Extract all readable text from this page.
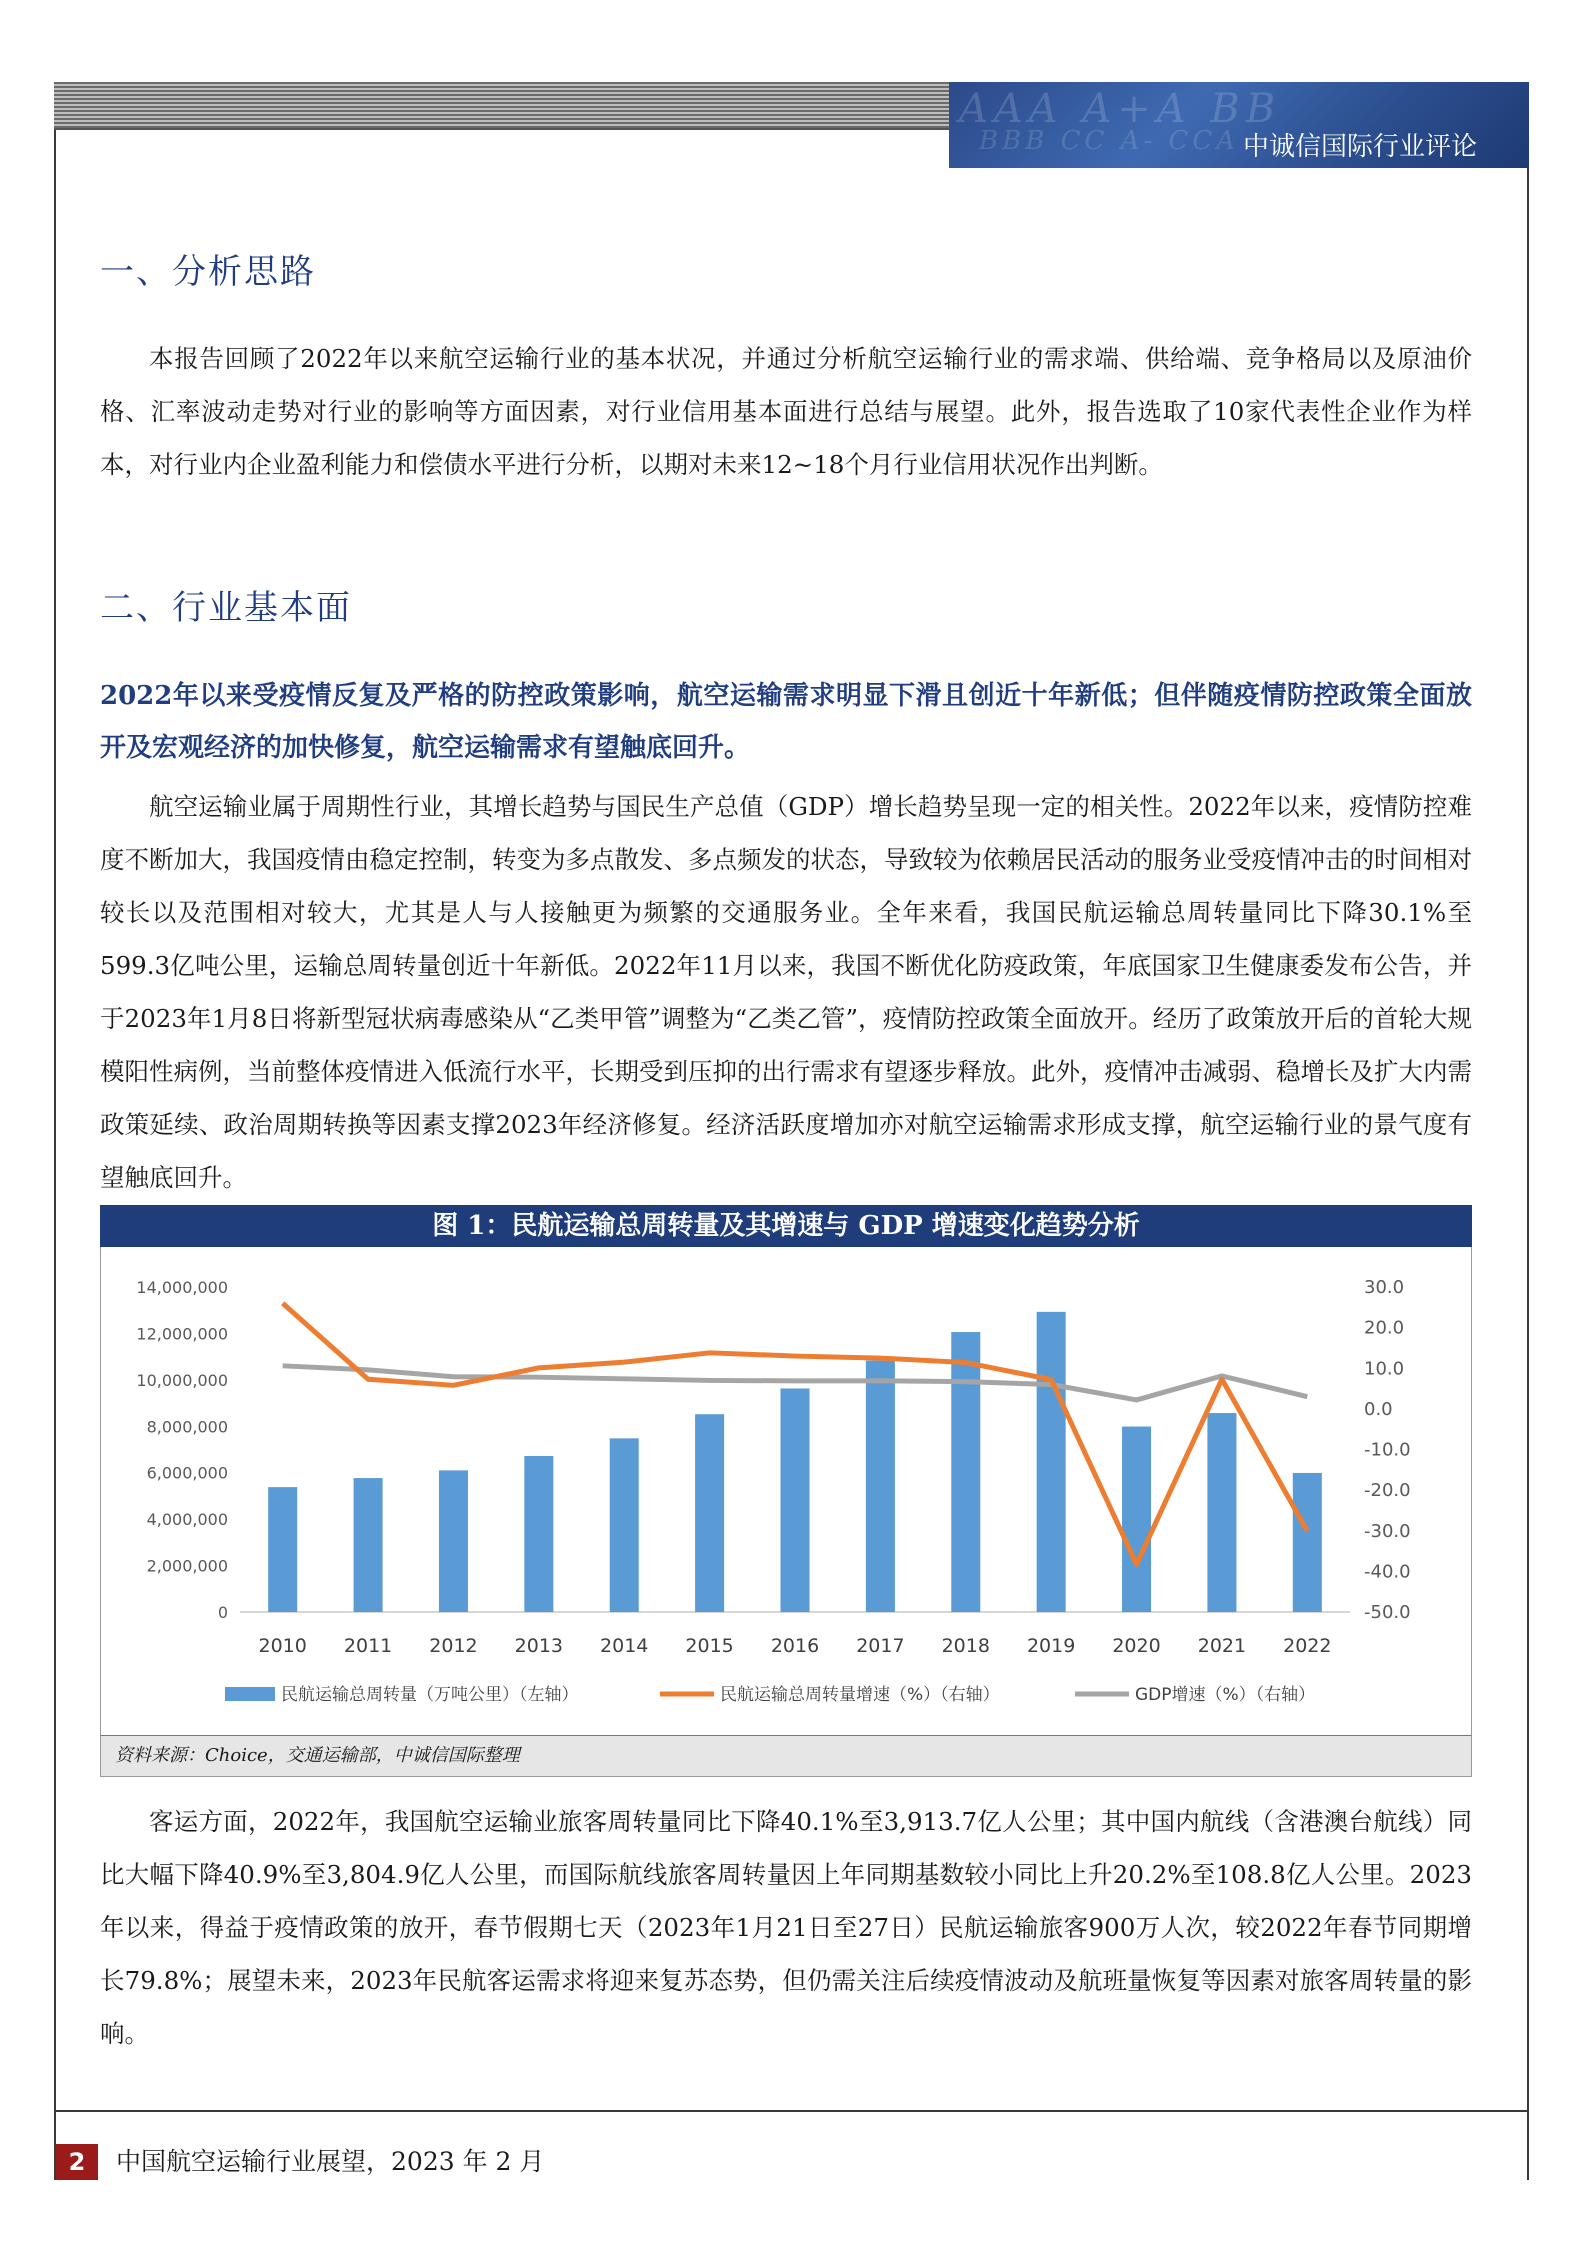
AAA A+A BB
BBB CC A- CCA 中诚信国际行业评论
一、分析思路

本报告回顾了2022年以来航空运输行业的基本状况，并通过分析航空运输行业的需求端、供给端、竞争格局以及原油价格、汇率波动走势对行业的影响等方面因素，对行业信用基本面进行总结与展望。此外，报告选取了10家代表性企业作为样本，对行业内企业盈利能力和偿债水平进行分析，以期对未来12~18个月行业信用状况作出判断。

二、行业基本面

2022年以来受疫情反复及严格的防控政策影响，航空运输需求明显下滑且创近十年新低；但伴随疫情防控政策全面放开及宏观经济的加快修复，航空运输需求有望触底回升。

航空运输业属于周期性行业，其增长趋势与国民生产总值（GDP）增长趋势呈现一定的相关性。2022年以来，疫情防控难度不断加大，我国疫情由稳定控制，转变为多点散发、多点频发的状态，导致较为依赖居民活动的服务业受疫情冲击的时间相对较长以及范围相对较大，尤其是人与人接触更为频繁的交通服务业。全年来看，我国民航运输总周转量同比下降30.1%至599.3亿吨公里，运输总周转量创近十年新低。2022年11月以来，我国不断优化防疫政策，年底国家卫生健康委发布公告，并于2023年1月8日将新型冠状病毒感染从“乙类甲管”调整为“乙类乙管”，疫情防控政策全面放开。经历了政策放开后的首轮大规模阳性病例，当前整体疫情进入低流行水平，长期受到压抑的出行需求有望逐步释放。此外，疫情冲击减弱、稳增长及扩大内需政策延续、政治周期转换等因素支撑2023年经济修复。经济活跃度增加亦对航空运输需求形成支撑，航空运输行业的景气度有望触底回升。

图 1：民航运输总周转量及其增速与 GDP 增速变化趋势分析
0
2,000,000
4,000,000
6,000,000
8,000,000
10,000,000
12,000,000
14,000,000
-50.0
-40.0
-30.0
-20.0
-10.0
0.0
10.0
20.0
30.0
2010 2011 2012 2013 2014 2015 2016 2017 2018 2019 2020 2021 2022
民航运输总周转量（万吨公里）（左轴）	民航运输总周转量增速（%）（右轴）	GDP增速（%）（右轴）
资料来源：Choice，交通运输部，中诚信国际整理

客运方面，2022年，我国航空运输业旅客周转量同比下降40.1%至3,913.7亿人公里；其中国内航线（含港澳台航线）同比大幅下降40.9%至3,804.9亿人公里，而国际航线旅客周转量因上年同期基数较小同比上升20.2%至108.8亿人公里。2023年以来，得益于疫情政策的放开，春节假期七天（2023年1月21日至27日）民航运输旅客900万人次，较2022年春节同期增长79.8%；展望未来，2023年民航客运需求将迎来复苏态势，但仍需关注后续疫情波动及航班量恢复等因素对旅客周转量的影响。

2	中国航空运输行业展望，2023 年 2 月
